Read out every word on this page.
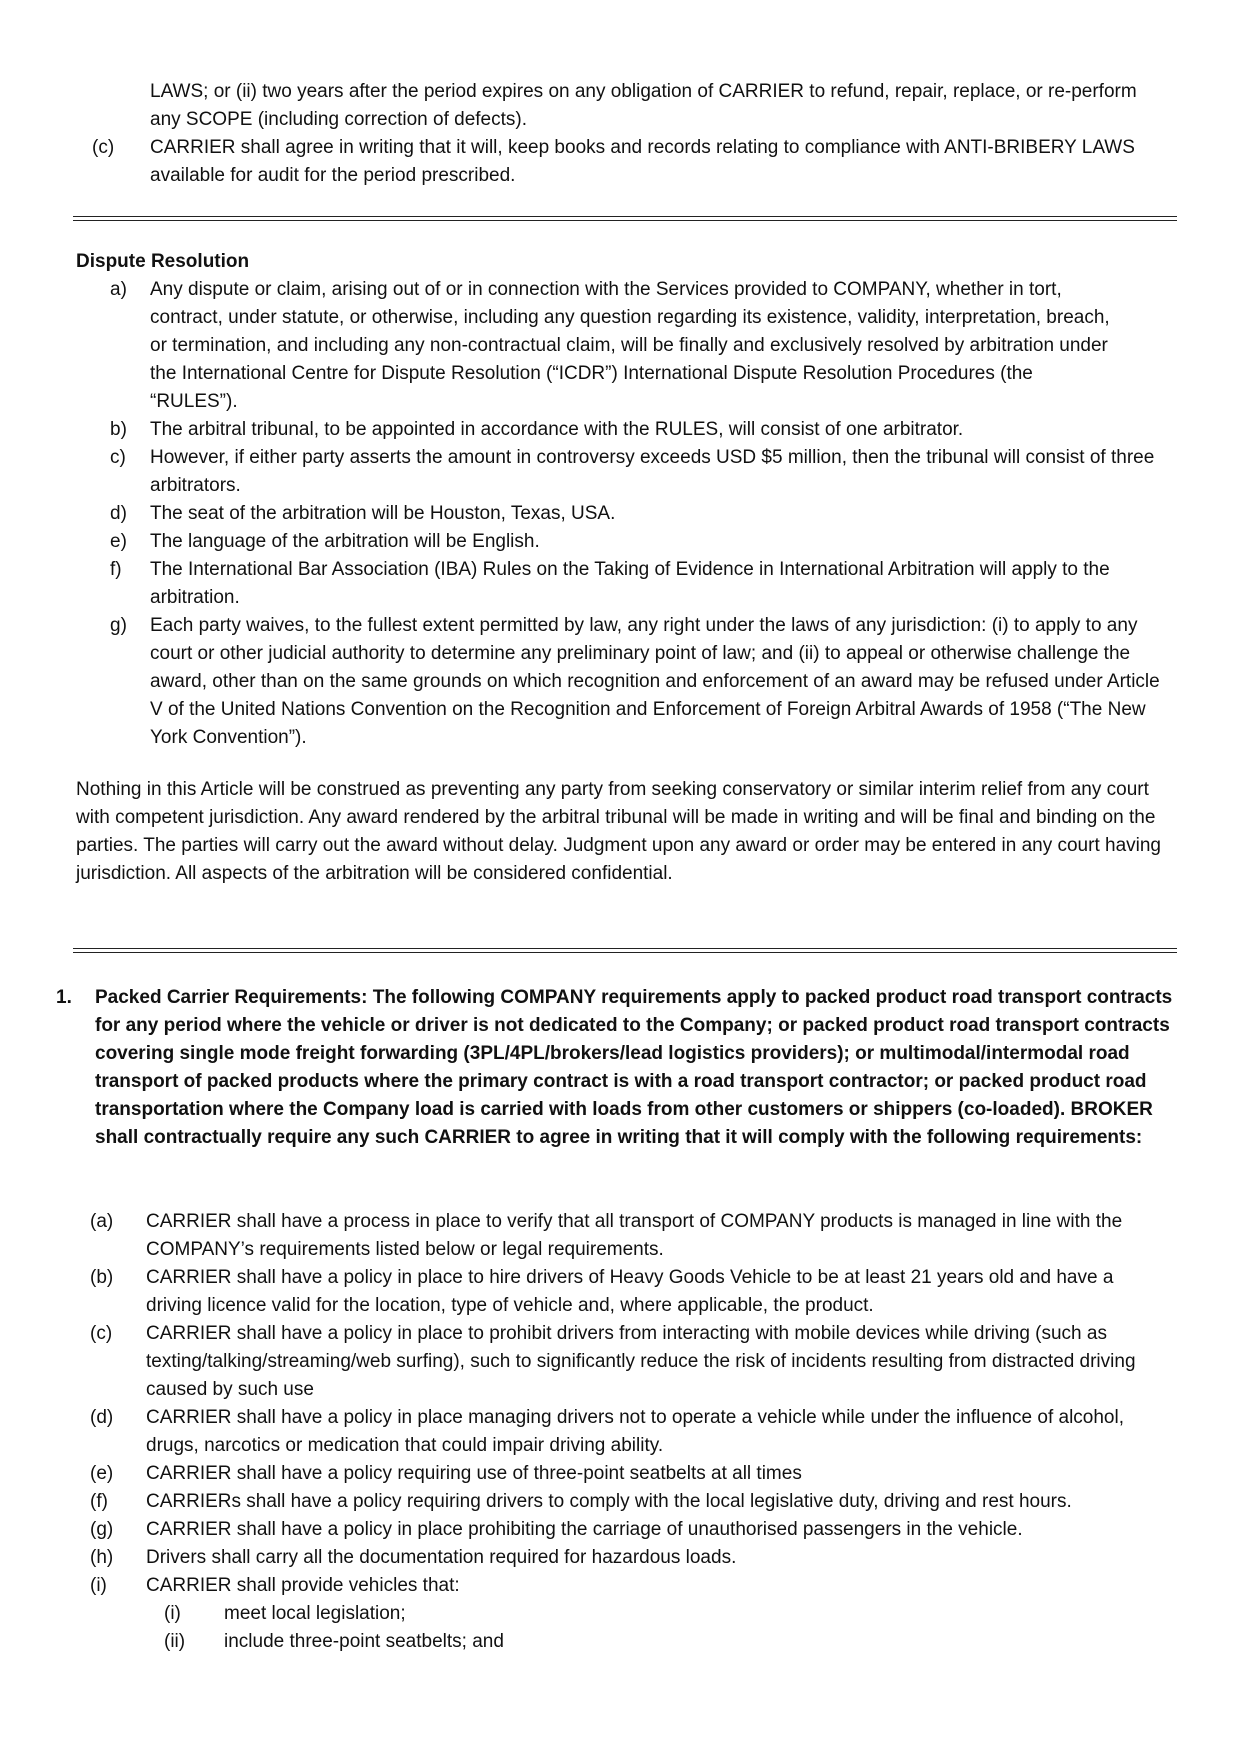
LAWS; or (ii) two years after the period expires on any obligation of CARRIER to refund, repair, replace, or re-perform any SCOPE (including correction of defects).
(c) CARRIER shall agree in writing that it will, keep books and records relating to compliance with ANTI-BRIBERY LAWS available for audit for the period prescribed.
Dispute Resolution
a) Any dispute or claim, arising out of or in connection with the Services provided to COMPANY, whether in tort, contract, under statute, or otherwise, including any question regarding its existence, validity, interpretation, breach, or termination, and including any non-contractual claim, will be finally and exclusively resolved by arbitration under the International Centre for Dispute Resolution (“ICDR”) International Dispute Resolution Procedures (the “RULES”).
b) The arbitral tribunal, to be appointed in accordance with the RULES, will consist of one arbitrator.
c) However, if either party asserts the amount in controversy exceeds USD $5 million, then the tribunal will consist of three arbitrators.
d) The seat of the arbitration will be Houston, Texas, USA.
e) The language of the arbitration will be English.
f) The International Bar Association (IBA) Rules on the Taking of Evidence in International Arbitration will apply to the arbitration.
g) Each party waives, to the fullest extent permitted by law, any right under the laws of any jurisdiction: (i) to apply to any court or other judicial authority to determine any preliminary point of law; and (ii) to appeal or otherwise challenge the award, other than on the same grounds on which recognition and enforcement of an award may be refused under Article V of the United Nations Convention on the Recognition and Enforcement of Foreign Arbitral Awards of 1958 (“The New York Convention”).

Nothing in this Article will be construed as preventing any party from seeking conservatory or similar interim relief from any court with competent jurisdiction. Any award rendered by the arbitral tribunal will be made in writing and will be final and binding on the parties. The parties will carry out the award without delay. Judgment upon any award or order may be entered in any court having jurisdiction. All aspects of the arbitration will be considered confidential.

1. Packed Carrier Requirements: The following COMPANY requirements apply to packed product road transport contracts for any period where the vehicle or driver is not dedicated to the Company; or packed product road transport contracts covering single mode freight forwarding (3PL/4PL/brokers/lead logistics providers); or multimodal/intermodal road transport of packed products where the primary contract is with a road transport contractor; or packed product road transportation where the Company load is carried with loads from other customers or shippers (co-loaded). BROKER shall contractually require any such CARRIER to agree in writing that it will comply with the following requirements:
(a) CARRIER shall have a process in place to verify that all transport of COMPANY products is managed in line with the COMPANY’s requirements listed below or legal requirements.
(b) CARRIER shall have a policy in place to hire drivers of Heavy Goods Vehicle to be at least 21 years old and have a driving licence valid for the location, type of vehicle and, where applicable, the product.
(c) CARRIER shall have a policy in place to prohibit drivers from interacting with mobile devices while driving (such as texting/talking/streaming/web surfing), such to significantly reduce the risk of incidents resulting from distracted driving caused by such use
(d) CARRIER shall have a policy in place managing drivers not to operate a vehicle while under the influence of alcohol, drugs, narcotics or medication that could impair driving ability.
(e) CARRIER shall have a policy requiring use of three-point seatbelts at all times
(f) CARRIERs shall have a policy requiring drivers to comply with the local legislative duty, driving and rest hours.
(g) CARRIER shall have a policy in place prohibiting the carriage of unauthorised passengers in the vehicle.
(h) Drivers shall carry all the documentation required for hazardous loads.
(i) CARRIER shall provide vehicles that:
(i) meet local legislation;
(ii) include three-point seatbelts; and
